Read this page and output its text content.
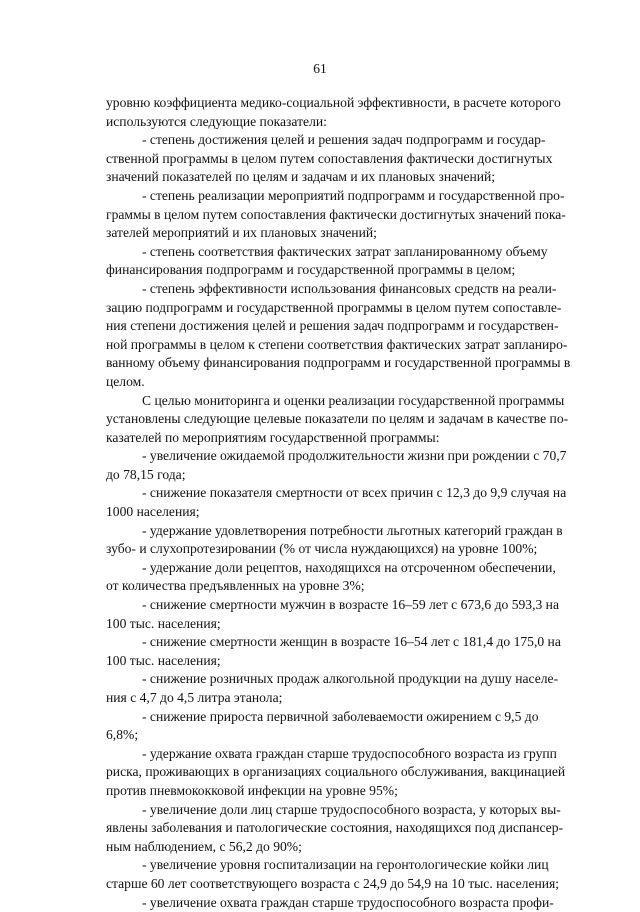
61
уровню коэффициента медико-социальной эффективности, в расчете которого
используются следующие показатели:
- степень достижения целей и решения задач подпрограмм и государ-
ственной программы в целом путем сопоставления фактически достигнутых
значений показателей по целям и задачам и их плановых значений;
- степень реализации мероприятий подпрограмм и государственной про-
граммы в целом путем сопоставления фактически достигнутых значений пока-
зателей мероприятий и их плановых значений;
- степень соответствия фактических затрат запланированному объему
финансирования подпрограмм и государственной программы в целом;
- степень эффективности использования финансовых средств на реали-
зацию подпрограмм и государственной программы в целом путем сопоставле-
ния степени достижения целей и решения задач подпрограмм и государствен-
ной программы в целом к степени соответствия фактических затрат запланиро-
ванному объему финансирования подпрограмм и государственной программы в
целом.
С целью мониторинга и оценки реализации государственной программы
установлены следующие целевые показатели по целям и задачам в качестве по-
казателей по мероприятиям государственной программы:
- увеличение ожидаемой продолжительности жизни при рождении с 70,7
до 78,15 года;
- снижение показателя смертности от всех причин с 12,3 до 9,9 случая на
1000 населения;
- удержание удовлетворения потребности льготных категорий граждан в
зубо- и слухопротезировании (% от числа нуждающихся) на уровне 100%;
- удержание доли рецептов, находящихся на отсроченном обеспечении,
от количества предъявленных на уровне 3%;
- снижение смертности мужчин в возрасте 16–59 лет с 673,6 до 593,3 на
100 тыс. населения;
- снижение смертности женщин в возрасте 16–54 лет с 181,4 до 175,0 на
100 тыс. населения;
- снижение розничных продаж алкогольной продукции на душу населе-
ния с 4,7 до 4,5 литра этанола;
- снижение прироста первичной заболеваемости ожирением с 9,5 до
6,8%;
- удержание охвата граждан старше трудоспособного возраста из групп
риска, проживающих в организациях социального обслуживания, вакцинацией
против пневмококковой инфекции на уровне 95%;
- увеличение доли лиц старше трудоспособного возраста, у которых вы-
явлены заболевания и патологические состояния, находящихся под диспансер-
ным наблюдением, с 56,2 до 90%;
- увеличение уровня госпитализации на геронтологические койки лиц
старше 60 лет соответствующего возраста с 24,9 до 54,9 на 10 тыс. населения;
- увеличение охвата граждан старше трудоспособного возраста профи-
